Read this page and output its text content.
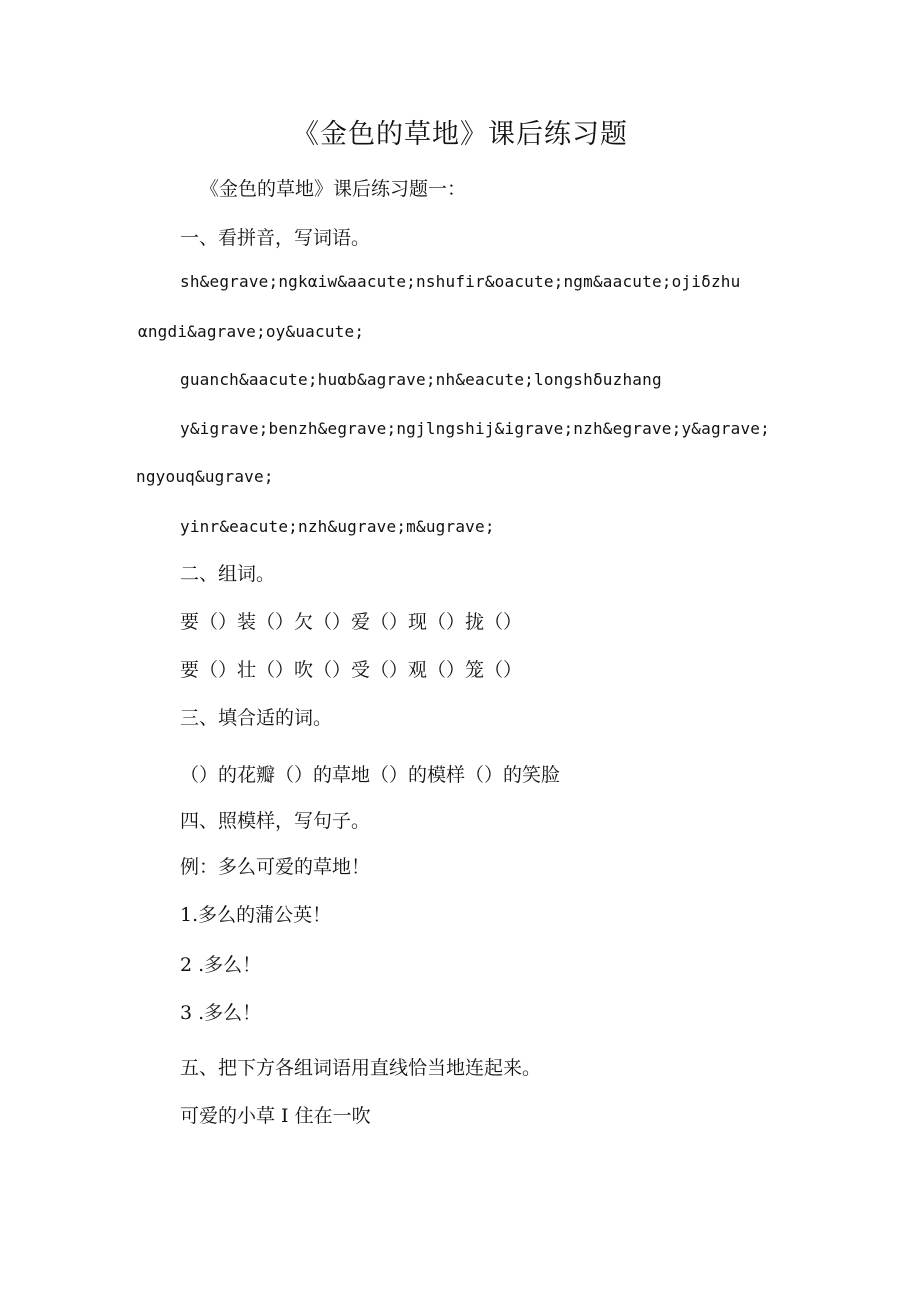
《金色的草地》课后练习题
《金色的草地》课后练习题一：
一、看拼音，写词语。
sh&egrave;ngkαiw&aacute;nshufir&oacute;ngm&aacute;ojiδzhu
αngdi&agrave;oy&uacute;
guanch&aacute;huαb&agrave;nh&eacute;longshδuzhang
y&igrave;benzh&egrave;ngjlngshij&igrave;nzh&egrave;y&agrave;
ngyouq&ugrave;
yinr&eacute;nzh&ugrave;m&ugrave;
二、组词。
要（）装（）欠（）爱（）现（）拢（）
要（）壮（）吹（）受（）观（）笼（）
三、填合适的词。
（）的花瓣（）的草地（）的模样（）的笑脸
四、照模样，写句子。
例：多么可爱的草地！
1.多么的蒲公英！
2 .多么！
3 .多么！
五、把下方各组词语用直线恰当地连起来。
可爱的小草 I 住在一吹
